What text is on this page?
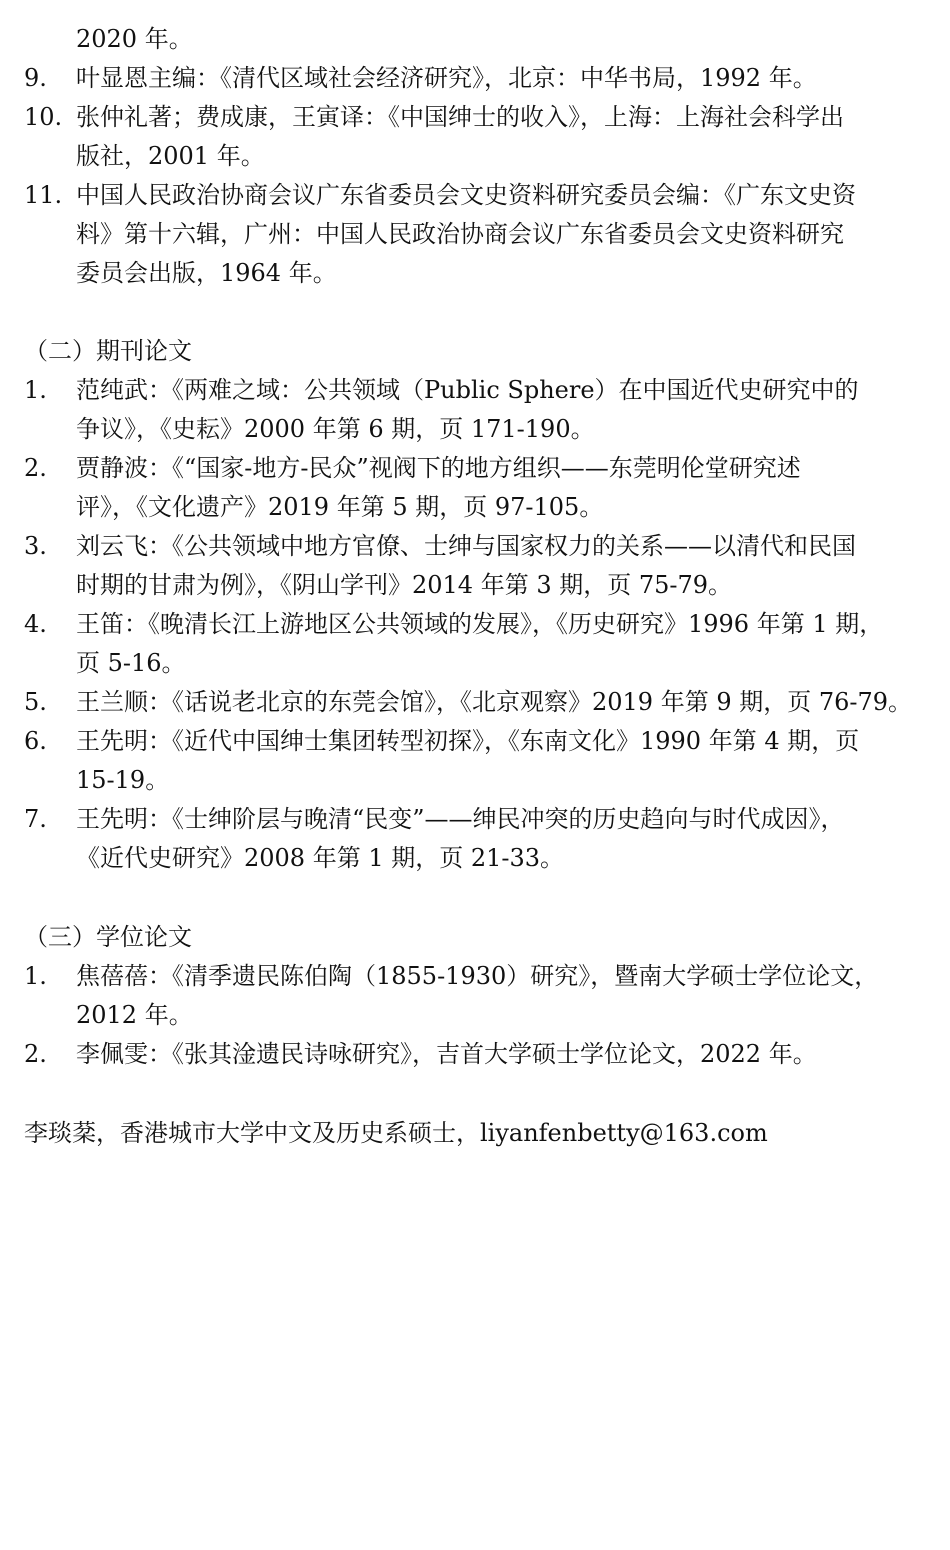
2020 年。
9. 叶显恩主编：《清代区域社会经济研究》，北京：中华书局，1992 年。
10. 张仲礼著；费成康，王寅译：《中国绅士的收入》，上海：上海社会科学出
版社，2001 年。
11. 中国人民政治协商会议广东省委员会文史资料研究委员会编：《广东文史资
料》第十六辑，广州：中国人民政治协商会议广东省委员会文史资料研究
委员会出版，1964 年。
（二）期刊论文
1. 范纯武：《两难之域：公共领域（Public Sphere）在中国近代史研究中的
争议》，《史耘》2000 年第 6 期，页 171-190。
2. 贾静波：《“国家-地方-民众”视阀下的地方组织——东莞明伦堂研究述
评》，《文化遗产》2019 年第 5 期，页 97-105。
3. 刘云飞：《公共领域中地方官僚、士绅与国家权力的关系——以清代和民国
时期的甘肃为例》，《阴山学刊》2014 年第 3 期，页 75-79。
4. 王笛：《晚清长江上游地区公共领域的发展》，《历史研究》1996 年第 1 期，
页 5-16。
5. 王兰顺：《话说老北京的东莞会馆》，《北京观察》2019 年第 9 期，页 76-79。
6. 王先明：《近代中国绅士集团转型初探》，《东南文化》1990 年第 4 期，页
15-19。
7. 王先明：《士绅阶层与晚清“民变”——绅民冲突的历史趋向与时代成因》，
《近代史研究》2008 年第 1 期，页 21-33。
（三）学位论文
1. 焦蓓蓓：《清季遗民陈伯陶（1855-1930）研究》，暨南大学硕士学位论文，
2012 年。
2. 李佩雯：《张其淦遗民诗咏研究》，吉首大学硕士学位论文，2022 年。
李琰棻，香港城市大学中文及历史系硕士，liyanfenbetty@163.com
